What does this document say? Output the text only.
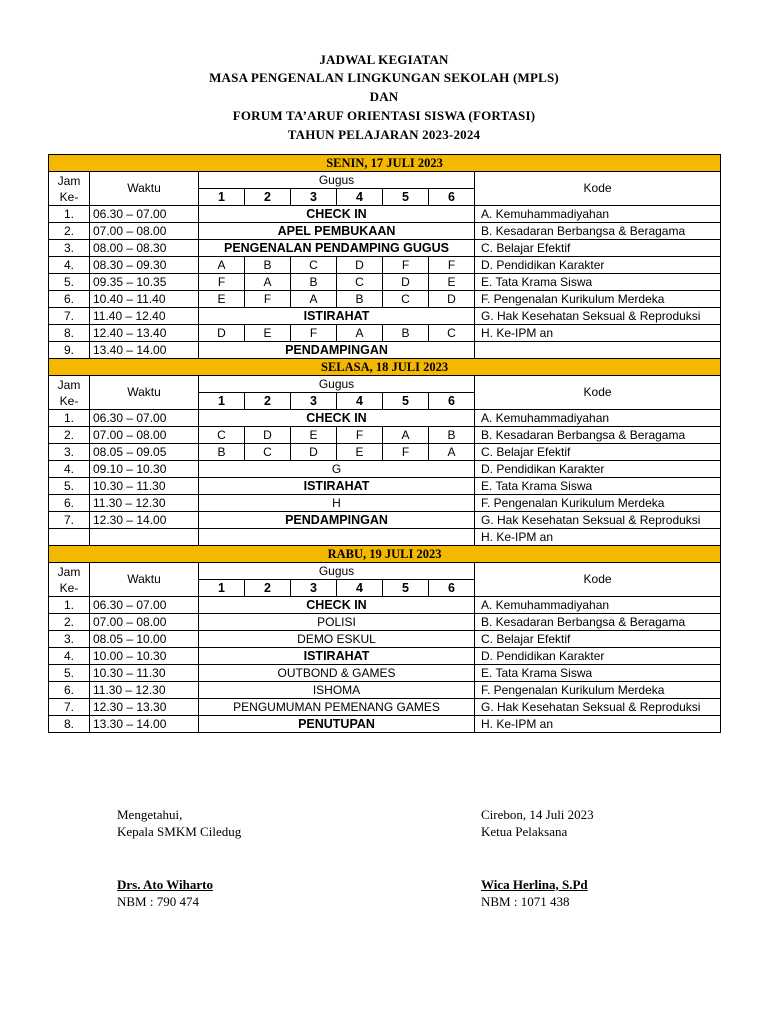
JADWAL KEGIATAN
MASA PENGENALAN LINGKUNGAN SEKOLAH (MPLS)
DAN
FORUM TA’ARUF ORIENTASI SISWA (FORTASI)
TAHUN PELAJARAN 2023-2024
SENIN, 17 JULI 2023								
Jam Ke-	Waktu	Gugus						Kode
		1	2	3	4	5	6	
1.	06.30 – 07.00	CHECK IN						A. Kemuhammadiyahan
2.	07.00 – 08.00	APEL PEMBUKAAN						B. Kesadaran Berbangsa & Beragama
3.	08.00 – 08.30	PENGENALAN PENDAMPING GUGUS						C. Belajar Efektif
4.	08.30 – 09.30	A	B	C	D	F	F	D. Pendidikan Karakter
5.	09.35 – 10.35	F	A	B	C	D	E	E. Tata Krama Siswa
6.	10.40 – 11.40	E	F	A	B	C	D	F. Pengenalan Kurikulum Merdeka
7.	11.40 – 12.40	ISTIRAHAT						G. Hak Kesehatan Seksual & Reproduksi
8.	12.40 – 13.40	D	E	F	A	B	C	H. Ke-IPM an
9.	13.40 – 14.00	PENDAMPINGAN						
SELASA, 18 JULI 2023								
Jam Ke-	Waktu	Gugus						Kode
		1	2	3	4	5	6	
1.	06.30 – 07.00	CHECK IN						A. Kemuhammadiyahan
2.	07.00 – 08.00	C	D	E	F	A	B	B. Kesadaran Berbangsa & Beragama
3.	08.05 – 09.05	B	C	D	E	F	A	C. Belajar Efektif
4.	09.10 – 10.30	G						D. Pendidikan Karakter
5.	10.30 – 11.30	ISTIRAHAT						E. Tata Krama Siswa
6.	11.30 – 12.30	H						F. Pengenalan Kurikulum Merdeka
7.	12.30 – 14.00	PENDAMPINGAN						G. Hak Kesehatan Seksual & Reproduksi
								H. Ke-IPM an
RABU, 19 JULI 2023								
Jam Ke-	Waktu	Gugus						Kode
		1	2	3	4	5	6	
1.	06.30 – 07.00	CHECK IN						A. Kemuhammadiyahan
2.	07.00 – 08.00	POLISI						B. Kesadaran Berbangsa & Beragama
3.	08.05 – 10.00	DEMO ESKUL						C. Belajar Efektif
4.	10.00 – 10.30	ISTIRAHAT						D. Pendidikan Karakter
5.	10.30 – 11.30	OUTBOND & GAMES						E. Tata Krama Siswa
6.	11.30 – 12.30	ISHOMA						F. Pengenalan Kurikulum Merdeka
7.	12.30 – 13.30	PENGUMUMAN PEMENANG GAMES						G. Hak Kesehatan Seksual & Reproduksi
8.	13.30 – 14.00	PENUTUPAN						H. Ke-IPM an
Mengetahui,
Kepala SMKM Ciledug
Drs. Ato Wiharto
NBM : 790 474
Cirebon, 14 Juli 2023
Ketua Pelaksana
Wica Herlina, S.Pd
NBM : 1071 438
